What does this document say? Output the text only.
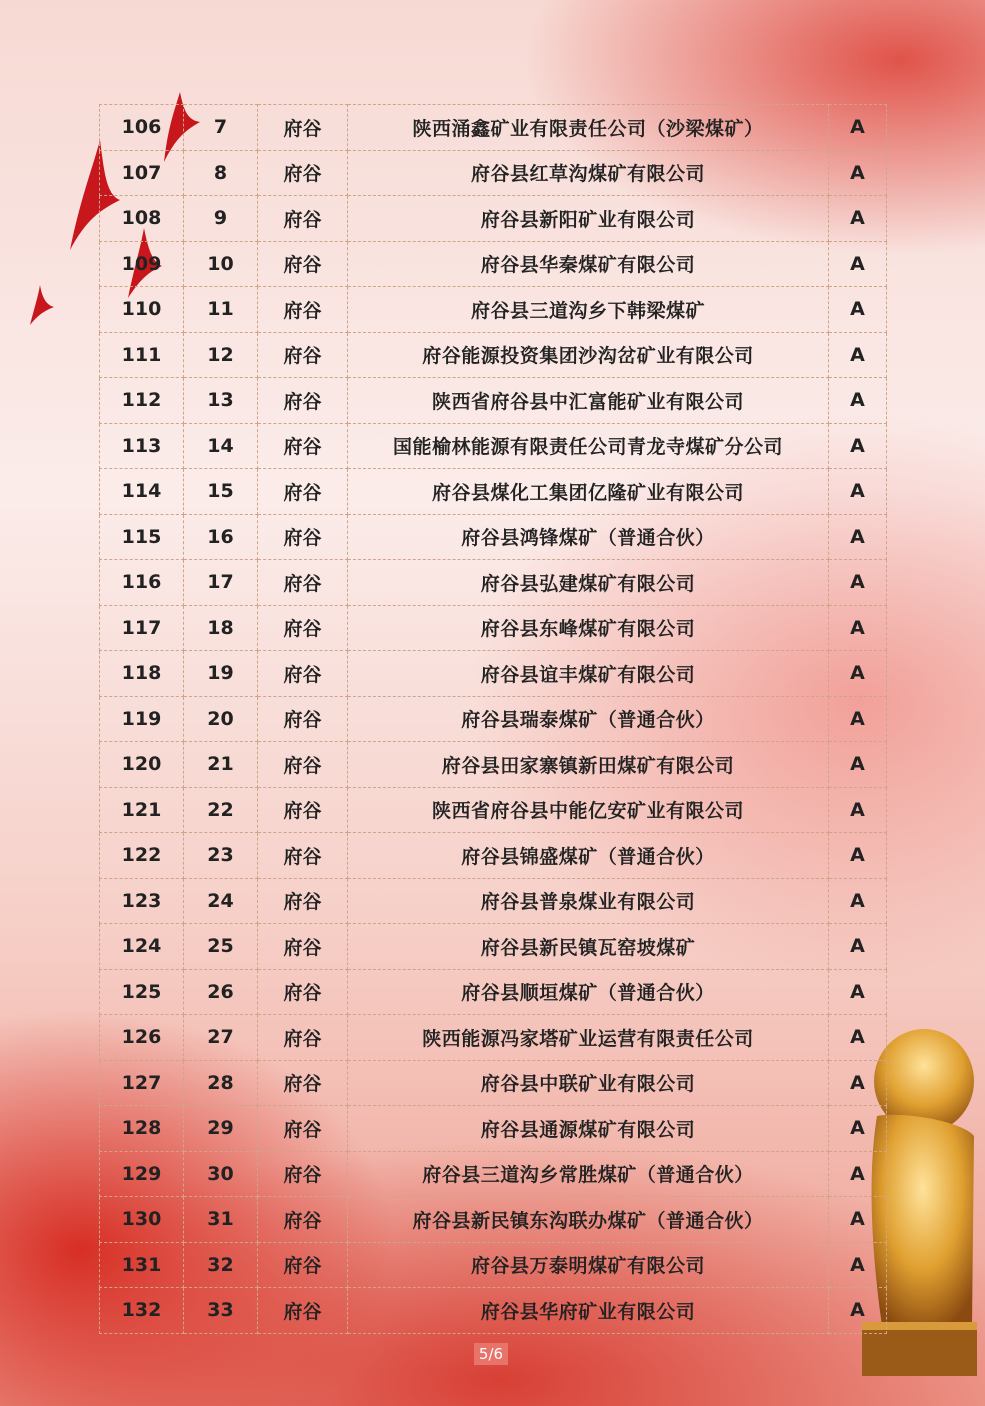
106	7	府谷	陕西涌鑫矿业有限责任公司（沙梁煤矿）	A
107	8	府谷	府谷县红草沟煤矿有限公司	A
108	9	府谷	府谷县新阳矿业有限公司	A
109	10	府谷	府谷县华秦煤矿有限公司	A
110	11	府谷	府谷县三道沟乡下韩梁煤矿	A
111	12	府谷	府谷能源投资集团沙沟岔矿业有限公司	A
112	13	府谷	陕西省府谷县中汇富能矿业有限公司	A
113	14	府谷	国能榆林能源有限责任公司青龙寺煤矿分公司	A
114	15	府谷	府谷县煤化工集团亿隆矿业有限公司	A
115	16	府谷	府谷县鸿锋煤矿（普通合伙）	A
116	17	府谷	府谷县弘建煤矿有限公司	A
117	18	府谷	府谷县东峰煤矿有限公司	A
118	19	府谷	府谷县谊丰煤矿有限公司	A
119	20	府谷	府谷县瑞泰煤矿（普通合伙）	A
120	21	府谷	府谷县田家寨镇新田煤矿有限公司	A
121	22	府谷	陕西省府谷县中能亿安矿业有限公司	A
122	23	府谷	府谷县锦盛煤矿（普通合伙）	A
123	24	府谷	府谷县普泉煤业有限公司	A
124	25	府谷	府谷县新民镇瓦窑坡煤矿	A
125	26	府谷	府谷县顺垣煤矿（普通合伙）	A
126	27	府谷	陕西能源冯家塔矿业运营有限责任公司	A
127	28	府谷	府谷县中联矿业有限公司	A
128	29	府谷	府谷县通源煤矿有限公司	A
129	30	府谷	府谷县三道沟乡常胜煤矿（普通合伙）	A
130	31	府谷	府谷县新民镇东沟联办煤矿（普通合伙）	A
131	32	府谷	府谷县万泰明煤矿有限公司	A
132	33	府谷	府谷县华府矿业有限公司	A
5/6
